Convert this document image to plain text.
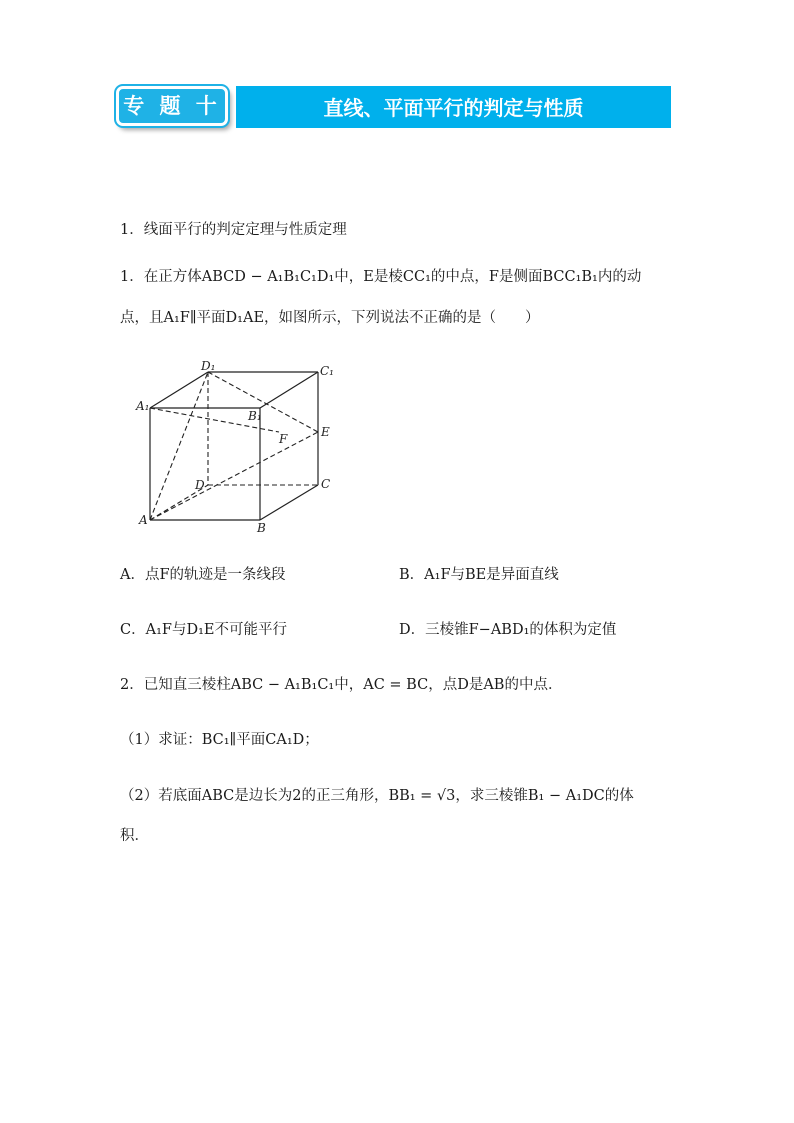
专 题 十	直线、平面平行的判定与性质
1．线面平行的判定定理与性质定理
1．在正方体ABCD − A₁B₁C₁D₁中，E是棱CC₁的中点，F是侧面BCC₁B₁内的动
点，且A₁F∥平面D₁AE，如图所示，下列说法不正确的是（　　）
D₁	C₁
A₁
B₁
F	E
D	C
A
B
A．点F的轨迹是一条线段	B．A₁F与BE是异面直线
C．A₁F与D₁E不可能平行	D．三棱锥F−ABD₁的体积为定值
2．已知直三棱柱ABC − A₁B₁C₁中，AC = BC，点D是AB的中点．
（1）求证：BC₁∥平面CA₁D；
（2）若底面ABC是边长为2的正三角形，BB₁ = √3，求三棱锥B₁ − A₁DC的体
积．
